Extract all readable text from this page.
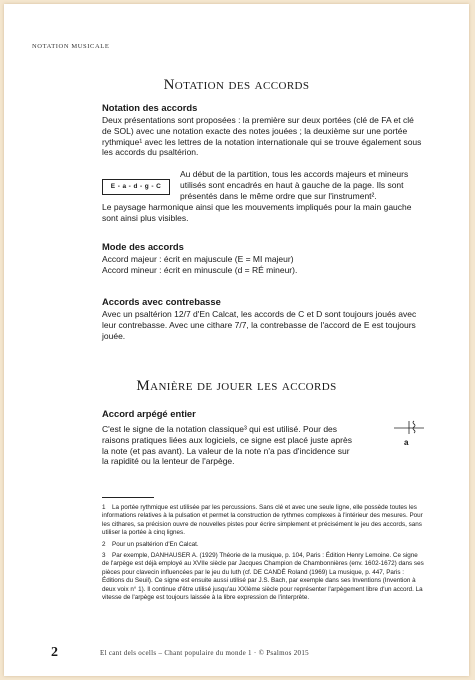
NOTATION MUSICALE
Notation des accords
Notation des accords

Deux présentations sont proposées : la première sur deux portées (clé de FA et clé de SOL) avec une notation exacte des notes jouées ; la deuxième sur une portée rythmique¹ avec les lettres de la notation internationale qui se trouve également sous les accords du psaltérion.

E - a - d - g - C

Au début de la partition, tous les accords majeurs et mineurs utilisés sont encadrés en haut à gauche de la page. Ils sont présentés dans le même ordre que sur l'instrument².

Le paysage harmonique ainsi que les mouvements impliqués pour la main gauche sont ainsi plus visibles.

Mode des accords

Accord majeur : écrit en majuscule (E = MI majeur)

Accord mineur : écrit en minuscule (d = RÉ mineur).

Accords avec contrebasse

Avec un psaltérion 12/7 d'En Calcat, les accords de C et D sont toujours joués avec leur contrebasse. Avec une cithare 7/7, la contrebasse de l'accord de E est toujours jouée.

Manière de jouer les accords
Accord arpégé entier

C'est le signe de la notation classique³ qui est utilisé. Pour des raisons pratiques liées aux logiciels, ce signe est placé juste après la note (et pas avant). La valeur de la note n'a pas d'incidence sur la rapidité ou la lenteur de l'arpège.

a

1 La portée rythmique est utilisée par les percussions. Sans clé et avec une seule ligne, elle possède toutes les informations relatives à la pulsation et permet la construction de rythmes complexes à l'intérieur des mesures. Pour les cithares, sa précision ouvre de nouvelles pistes pour écrire simplement et précisément le jeu des accords, sans utiliser la portée à cinq lignes.

2 Pour un psaltérion d'En Calcat.

3 Par exemple, DANHAUSER A. (1929) Théorie de la musique, p. 104, Paris : Édition Henry Lemoine. Ce signe de l'arpège est déjà employé au XVIIe siècle par Jacques Champion de Chambonnières (env. 1602-1672) dans ses pièces pour clavecin influencées par le jeu du luth (cf. DE CANDÉ Roland (1969) La musique, p. 447, Paris : Éditions du Seuil). Ce signe est ensuite aussi utilisé par J.S. Bach, par exemple dans ses Inventions (Invention à deux voix n° 1). Il continue d'être utilisé jusqu'au XXIème siècle pour représenter l'arpègement libre d'un accord. La vitesse de l'arpège est toujours laissée à la libre expression de l'interprète.

2	El cant dels ocells – Chant populaire du monde 1 · © Psalmos 2015
